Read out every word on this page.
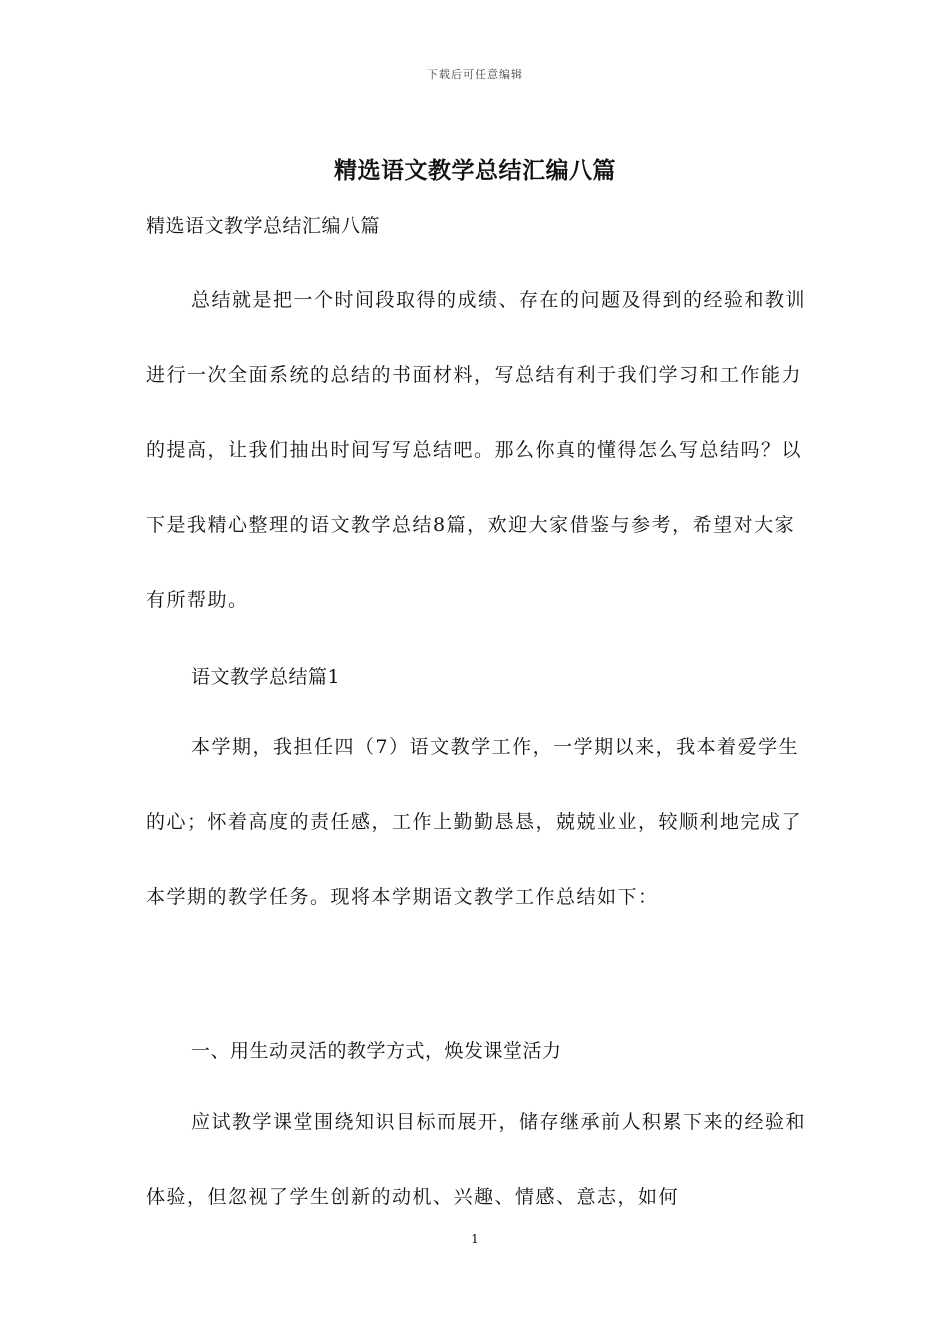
下载后可任意编辑
精选语文教学总结汇编八篇
精选语文教学总结汇编八篇

总结就是把一个时间段取得的成绩、存在的问题及得到的经验和教训进行一次全面系统的总结的书面材料，写总结有利于我们学习和工作能力的提高，让我们抽出时间写写总结吧。那么你真的懂得怎么写总结吗？以下是我精心整理的语文教学总结8篇，欢迎大家借鉴与参考，希望对大家有所帮助。

语文教学总结篇1

本学期，我担任四（7）语文教学工作，一学期以来，我本着爱学生的心；怀着高度的责任感，工作上勤勤恳恳，兢兢业业，较顺利地完成了本学期的教学任务。现将本学期语文教学工作总结如下：

一、用生动灵活的教学方式，焕发课堂活力

应试教学课堂围绕知识目标而展开，储存继承前人积累下来的经验和体验，但忽视了学生创新的动机、兴趣、情感、意志，如何

1
